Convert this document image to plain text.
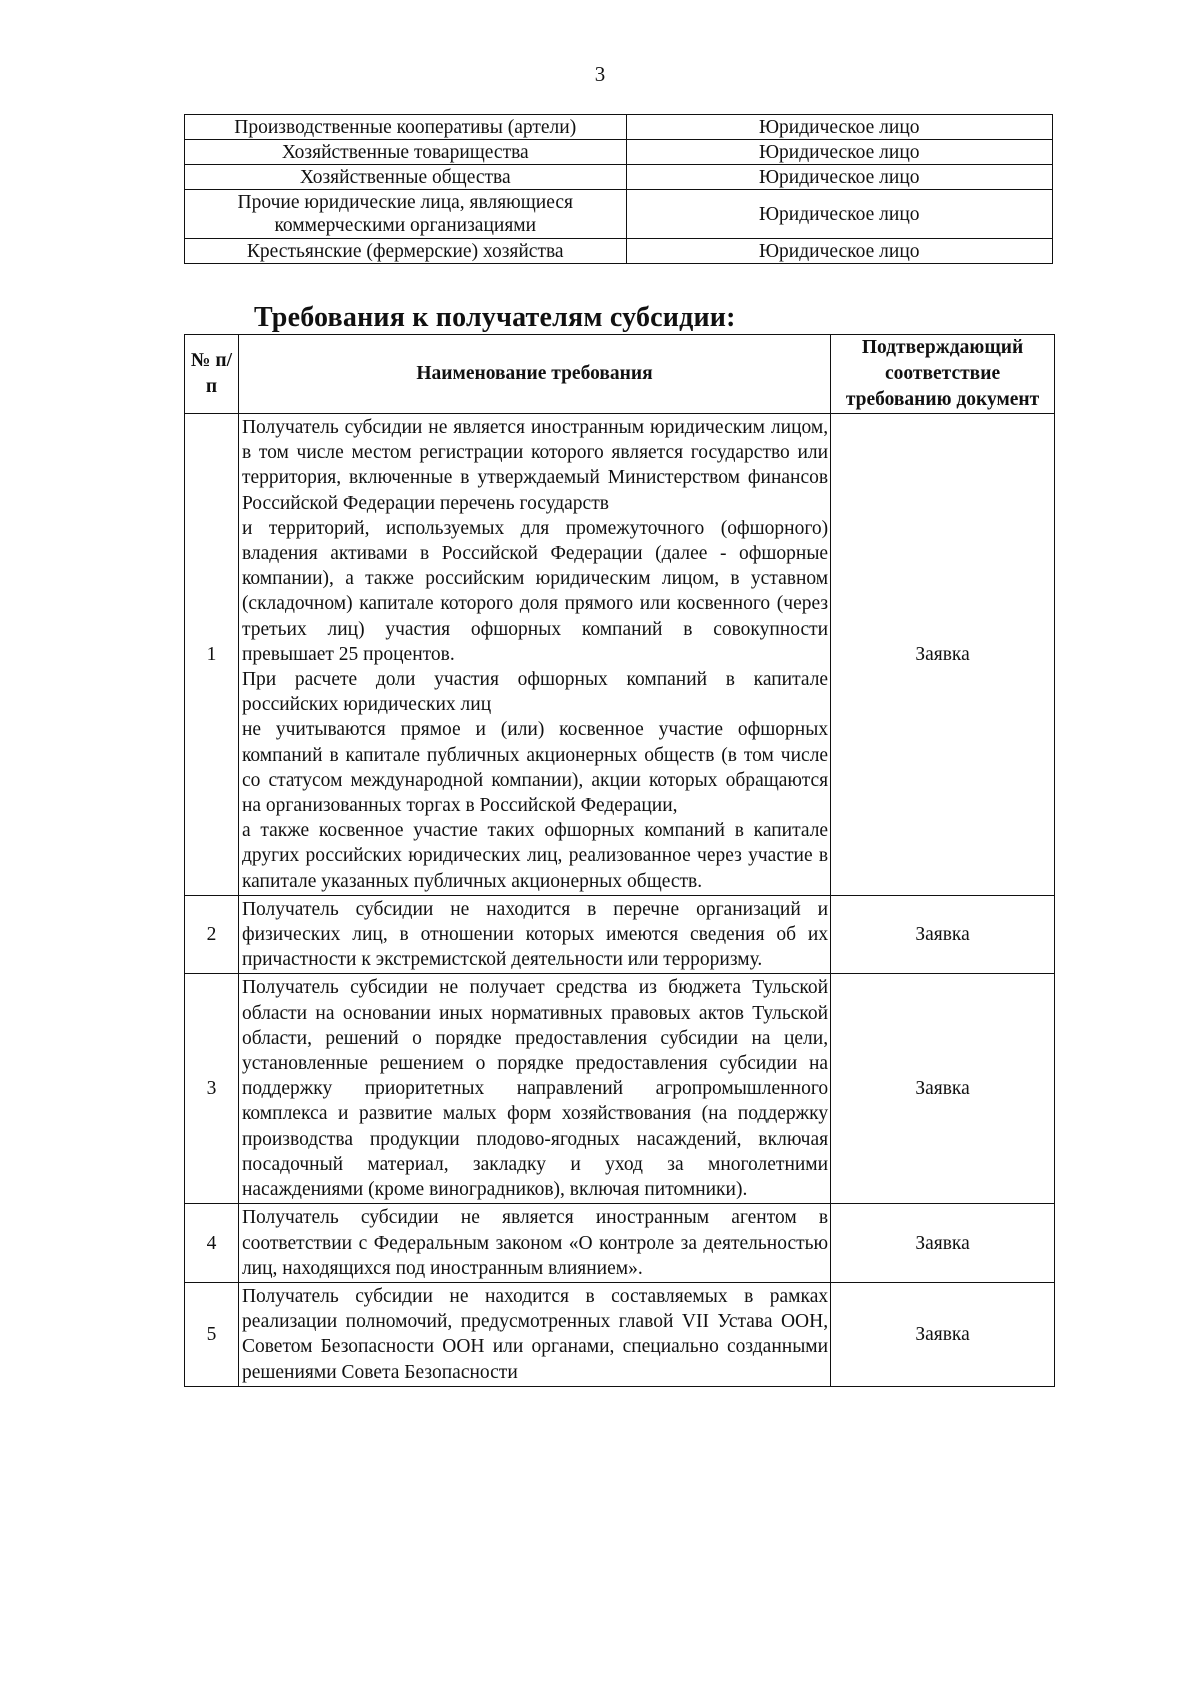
3
Производственные кооперативы (артели)	Юридическое лицо
Хозяйственные товарищества	Юридическое лицо
Хозяйственные общества	Юридическое лицо
Прочие юридические лица, являющиеся коммерческими организациями	Юридическое лицо
Крестьянские (фермерские) хозяйства	Юридическое лицо
Требования к получателям субсидии:
№ п/п	Наименование требования	Подтверждающий соответствие требованию документ
1	Получатель субсидии не является иностранным юридическим лицом, в том числе местом регистрации которого является государство или территория, включенные в утверждаемый Министерством финансов Российской Федерации перечень государств
и территорий, используемых для промежуточного (офшорного) владения активами в Российской Федерации (далее - офшорные компании), а также российским юридическим лицом, в уставном (складочном) капитале которого доля прямого или косвенного (через третьих лиц) участия офшорных компаний в совокупности превышает 25 процентов.
При расчете доли участия офшорных компаний в капитале российских юридических лиц
не учитываются прямое и (или) косвенное участие офшорных компаний в капитале публичных акционерных обществ (в том числе со статусом международной компании), акции которых обращаются на организованных торгах в Российской Федерации,
а также косвенное участие таких офшорных компаний в капитале других российских юридических лиц, реализованное через участие в капитале указанных публичных акционерных обществ.	Заявка
2	Получатель субсидии не находится в перечне организаций и физических лиц, в отношении которых имеются сведения об их причастности к экстремистской деятельности или терроризму.	Заявка
3	Получатель субсидии не получает средства из бюджета Тульской области на основании иных нормативных правовых актов Тульской области, решений о порядке предоставления субсидии на цели, установленные решением о порядке предоставления субсидии на поддержку приоритетных направлений агропромышленного комплекса и развитие малых форм хозяйствования (на поддержку производства продукции плодово-ягодных насаждений, включая посадочный материал, закладку и уход за многолетними насаждениями (кроме виноградников), включая питомники).	Заявка
4	Получатель субсидии не является иностранным агентом в соответствии с Федеральным законом «О контроле за деятельностью лиц, находящихся под иностранным влиянием».	Заявка
5	Получатель субсидии не находится в составляемых в рамках реализации полномочий, предусмотренных главой VII Устава ООН, Советом Безопасности ООН или органами, специально созданными решениями Совета Безопасности	Заявка
